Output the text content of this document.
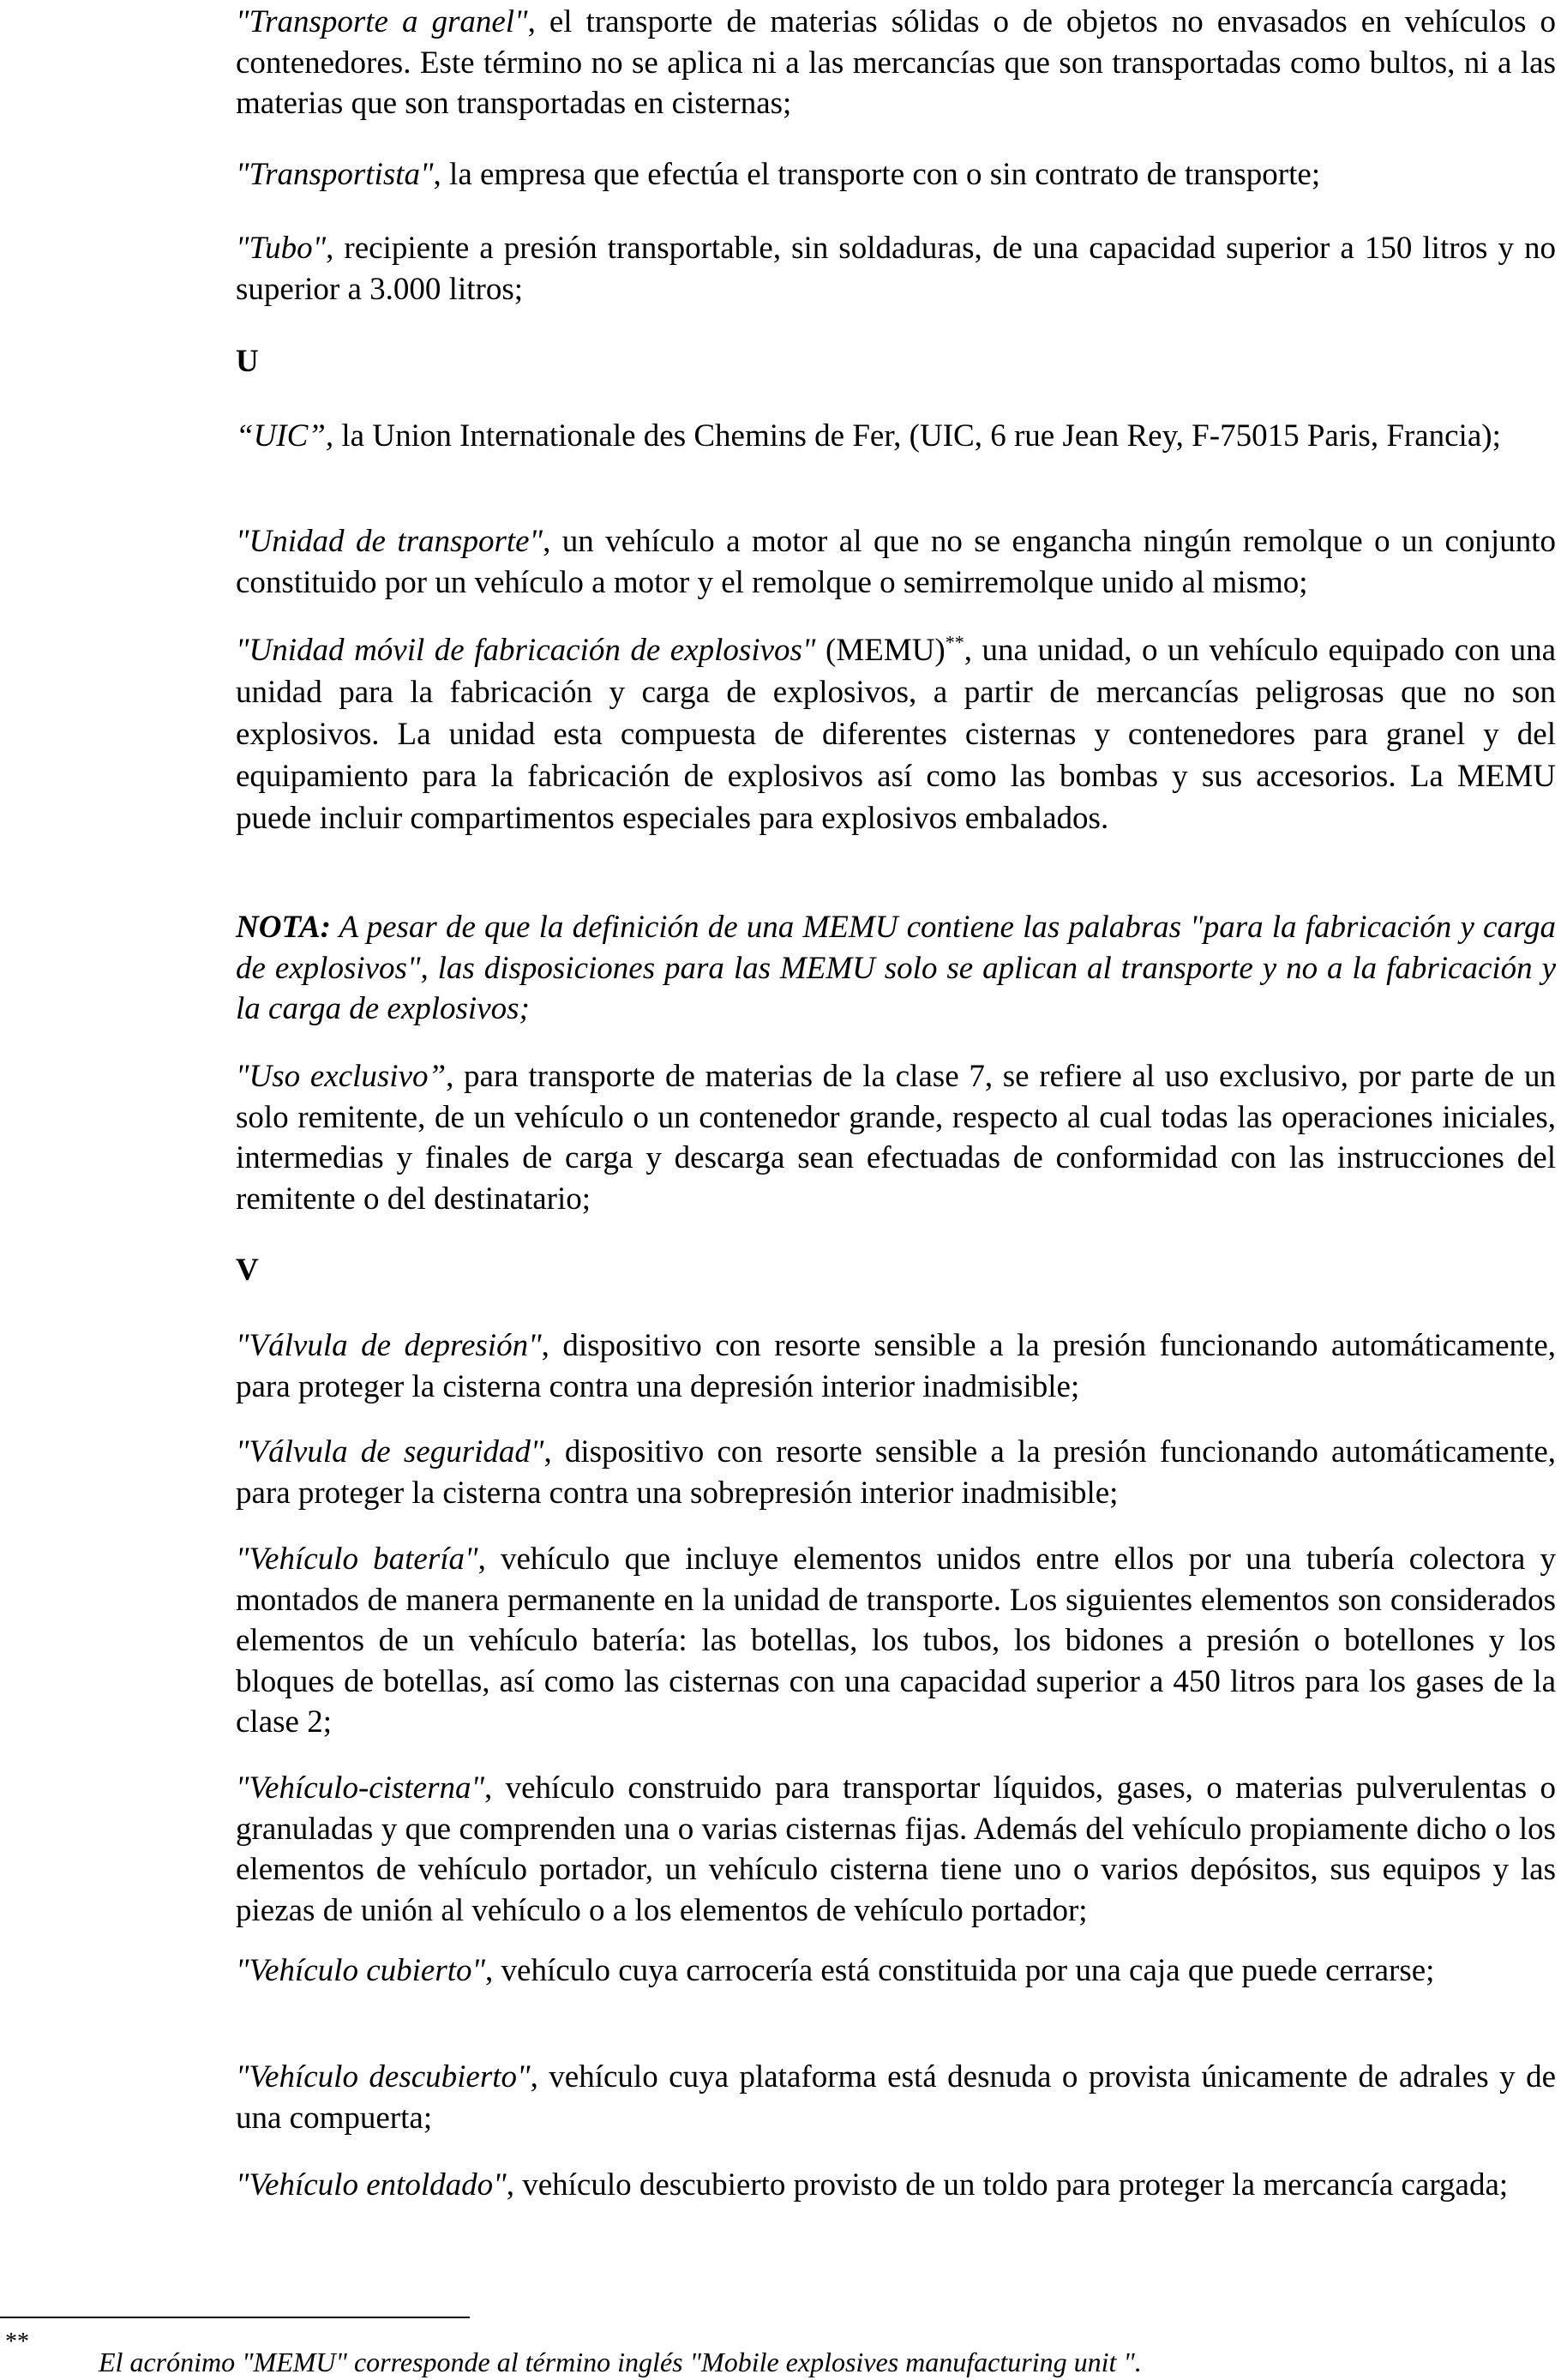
"Transporte a granel", el transporte de materias sólidas o de objetos no envasados en vehículos o contenedores. Este término no se aplica ni a las mercancías que son transportadas como bultos, ni a las materias que son transportadas en cisternas;

"Transportista", la empresa que efectúa el transporte con o sin contrato de transporte;

"Tubo", recipiente a presión transportable, sin soldaduras, de una capacidad superior a 150 litros y no superior a 3.000 litros;

U

“UIC”, la Union Internationale des Chemins de Fer, (UIC, 6 rue Jean Rey, F-75015 Paris, Francia);

"Unidad de transporte", un vehículo a motor al que no se engancha ningún remolque o un conjunto constituido por un vehículo a motor y el remolque o semirremolque unido al mismo;

"Unidad móvil de fabricación de explosivos" (MEMU)**, una unidad, o un vehículo equipado con una unidad para la fabricación y carga de explosivos, a partir de mercancías peligrosas que no son explosivos. La unidad esta compuesta de diferentes cisternas y contenedores para granel y del equipamiento para la fabricación de explosivos así como las bombas y sus accesorios. La MEMU puede incluir compartimentos especiales para explosivos embalados.

NOTA: A pesar de que la definición de una MEMU contiene las palabras "para la fabricación y carga de explosivos", las disposiciones para las MEMU solo se aplican al transporte y no a la fabricación y la carga de explosivos;

"Uso exclusivo”, para transporte de materias de la clase 7, se refiere al uso exclusivo, por parte de un solo remitente, de un vehículo o un contenedor grande, respecto al cual todas las operaciones iniciales, intermedias y finales de carga y descarga sean efectuadas de conformidad con las instrucciones del remitente o del destinatario;

V

"Válvula de depresión", dispositivo con resorte sensible a la presión funcionando automáticamente, para proteger la cisterna contra una depresión interior inadmisible;

"Válvula de seguridad", dispositivo con resorte sensible a la presión funcionando automáticamente, para proteger la cisterna contra una sobrepresión interior inadmisible;

"Vehículo batería", vehículo que incluye elementos unidos entre ellos por una tubería colectora y montados de manera permanente en la unidad de transporte. Los siguientes elementos son considerados elementos de un vehículo batería: las botellas, los tubos, los bidones a presión o botellones y los bloques de botellas, así como las cisternas con una capacidad superior a 450 litros para los gases de la clase 2;

"Vehículo-cisterna", vehículo construido para transportar líquidos, gases, o materias pulverulentas o granuladas y que comprenden una o varias cisternas fijas. Además del vehículo propiamente dicho o los elementos de vehículo portador, un vehículo cisterna tiene uno o varios depósitos, sus equipos y las piezas de unión al vehículo o a los elementos de vehículo portador;

"Vehículo cubierto", vehículo cuya carrocería está constituida por una caja que puede cerrarse;

"Vehículo descubierto", vehículo cuya plataforma está desnuda o provista únicamente de adrales y de una compuerta;

"Vehículo entoldado", vehículo descubierto provisto de un toldo para proteger la mercancía cargada;

**
El acrónimo "MEMU" corresponde al término inglés "Mobile explosives manufacturing unit ".
